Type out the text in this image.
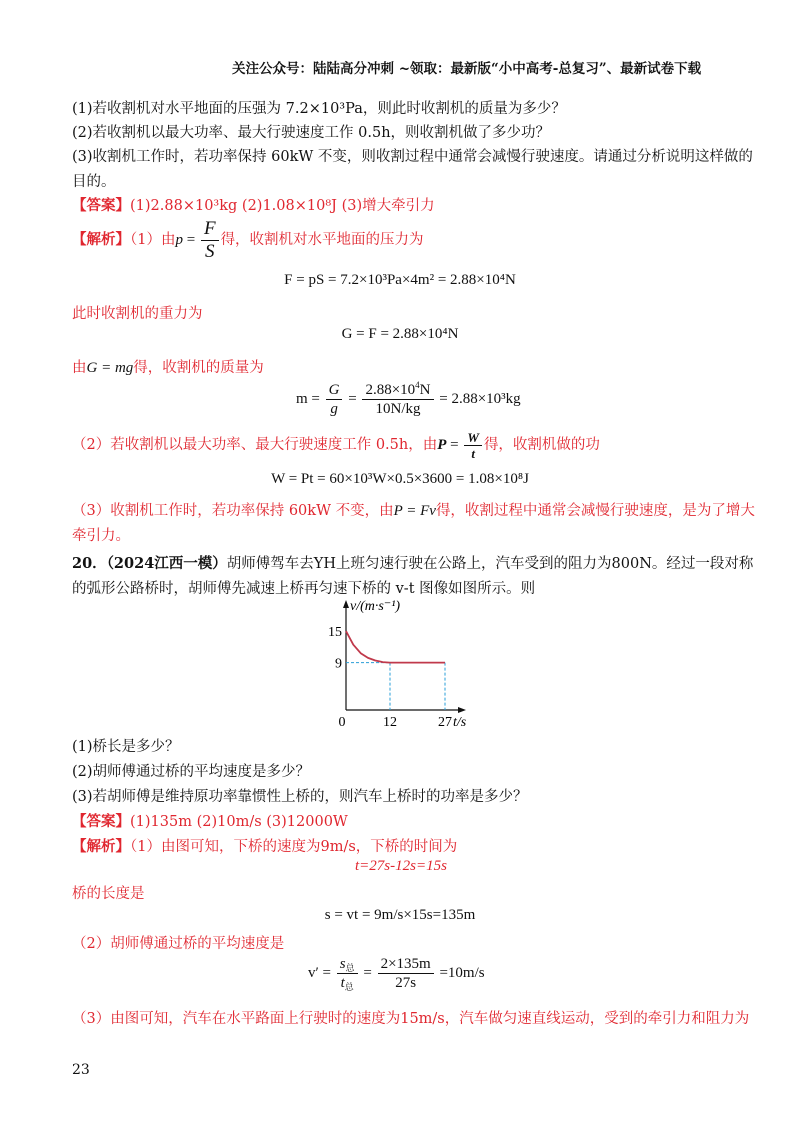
关注公众号：陆陆高分冲刺 ~领取：最新版“小中高考-总复习”、最新试卷下载
(1)若收割机对水平地面的压强为 7.2×10³Pa，则此时收割机的质量为多少？
(2)若收割机以最大功率、最大行驶速度工作 0.5h，则收割机做了多少功？
(3)收割机工作时，若功率保持 60kW 不变，则收割过程中通常会减慢行驶速度。请通过分析说明这样做的
目的。
【答案】(1)2.88×10³kg (2)1.08×10⁸J (3)增大牵引力
【解析】（1）由$p = \frac{F}{S}$ 得，收割机对水平地面的压力为
F = pS = 7.2×10³Pa×4m² = 2.88×10⁴N
此时收割机的重力为
G = F = 2.88×10⁴N
由G = mg得，收割机的质量为
$m = \frac{G}{g} = \frac{2.88\times 10^4N}{10N/kg} = 2.88\times 10^3kg$
（2）若收割机以最大功率、最大行驶速度工作 0.5h，由$P = \frac{W}{t}$ 得，收割机做的功
W = Pt = 60×10³W×0.5×3600 = 1.08×10⁸J
（3）收割机工作时，若功率保持 60kW 不变，由P = Fv得，收割过程中通常会减慢行驶速度，是为了增大
牵引力。
20．（2024江西一模）胡师傅驾车去YH上班匀速行驶在公路上，汽车受到的阻力为800N。经过一段对称
的弧形公路桥时，胡师傅先减速上桥再匀速下桥的 v-t 图像如图所示。则
v/(m·s⁻¹)
t/s
0	12	27
15
9
(1)桥长是多少？
(2)胡师傅通过桥的平均速度是多少？
(3)若胡师傅是维持原功率靠惯性上桥的，则汽车上桥时的功率是多少？
【答案】(1)135m (2)10m/s (3)12000W
【解析】（1）由图可知，下桥的速度为9m/s，下桥的时间为
t=27s-12s=15s
桥的长度是
s = vt = 9m/s×15s=135m
（2）胡师傅通过桥的平均速度是
$v' = \frac{s_总}{t_总} = \frac{2\times 135m}{27s} =10m/s$
（3）由图可知，汽车在水平路面上行驶时的速度为15m/s，汽车做匀速直线运动，受到的牵引力和阻力为
23
